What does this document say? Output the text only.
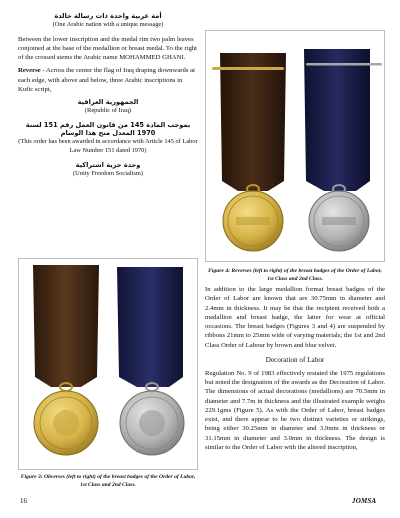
أمة عربية واحدة ذات رسالة خالدة
(One Arabic nation with a unique message)

Between the lower inscription and the medal rim two palm leaves conjoined at the base of the medallion or breast medal. To the right of the crossed stems the Arabic name MOHAMMED GHANI.

Reverse - Across the center the flag of Iraq draping downwards at each edge, with above and below, three Arabic inscriptions in Kufic script,

الجمهورية العراقية
(Republic of Iraq)
بموجب المادة 145 من قانون العمل رقم 151 لسنة 1970 المعدل منح هذا الوسام
(This order has been awarded in accordance with Article 145 of Labor Law Number 151 dated 1970)
وحدة حرية اشتراكية
(Unity Freedom Socialism)
Figure 4: Reverses (left to right) of the breast badges of the Order of Labor, 1st Class and 2nd Class.
Figure 3: Obverses (left to right) of the breast badges of the Order of Labor, 1st Class and 2nd Class.

In addition to the large medallion format breast badges of the Order of Labor are known that are 30.75mm in diameter and 2.4mm in thickness. It may be that the recipient received both a medallion and breast badge, the latter for wear at official occasions. The breast badges (Figures 3 and 4) are suspended by ribbons 21mm to 25mm wide of varying materials; the 1st and 2nd Class Order of Labour by brown and blue velvet.

Decoration of Labor

Regulation No. 9 of 1983 effectively restated the 1975 regulations but noted the designation of the awards as the Decoration of Labor. The dimensions of actual decorations (medallions) are 70.5mm in diameter and 7.7m in thickness and the illustrated example weighs 229.1gms (Figure 5). As with the Order of Labor, breast badges exist, and there appear to be two distinct varieties or strikings, being either 30.25mm in diameter and 3.9mm in thickness or 31.15mm in diameter and 3.0mm in thickness. The design is similar to the Order of Labor with the altered inscription,

16	JOMSA
